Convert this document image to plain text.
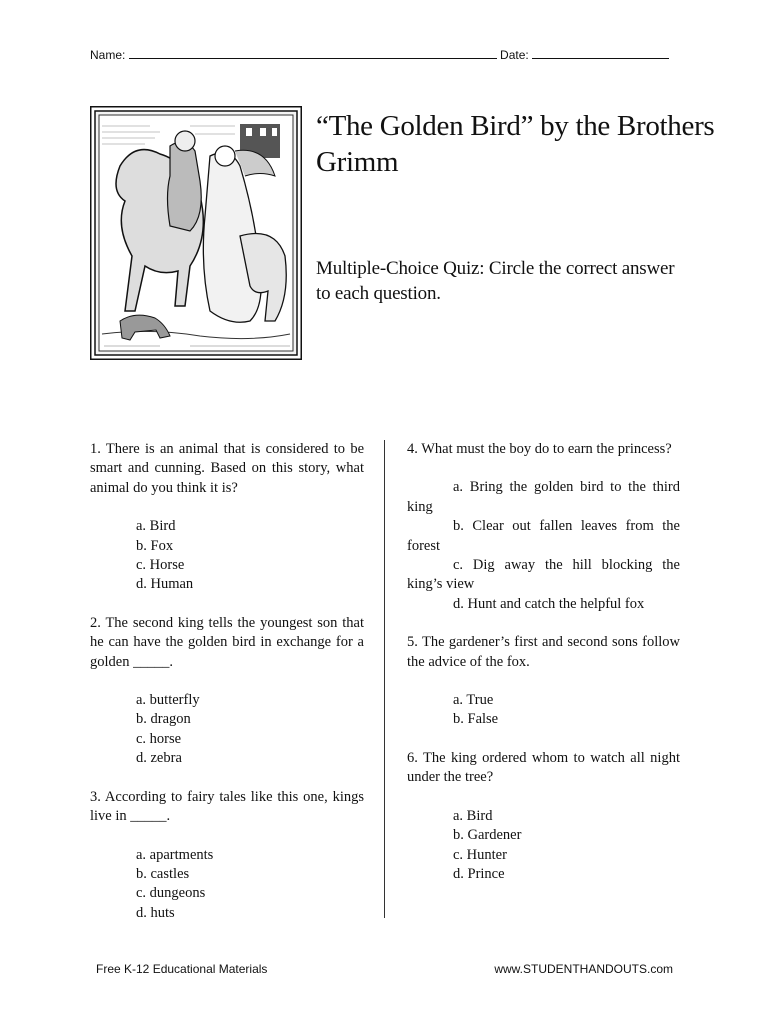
Name:	Date:
“The Golden Bird” by the Brothers Grimm
Multiple-Choice Quiz: Circle the correct answer to each question.

1. There is an animal that is considered to be smart and cunning. Based on this story, what animal do you think it is?

a. Bird

b. Fox

c. Horse

d. Human

2. The second king tells the youngest son that he can have the golden bird in exchange for a golden _____.

a. butterfly

b. dragon

c. horse

d. zebra

3. According to fairy tales like this one, kings live in _____.

a. apartments

b. castles

c. dungeons

d. huts

4. What must the boy do to earn the princess?

a. Bring the golden bird to the third king

b. Clear out fallen leaves from the forest

c. Dig away the hill blocking the king’s view

d. Hunt and catch the helpful fox

5. The gardener’s first and second sons follow the advice of the fox.

a. True

b. False

6. The king ordered whom to watch all night under the tree?

a. Bird

b. Gardener

c. Hunter

d. Prince

Free K-12 Educational Materials	www.STUDENTHANDOUTS.com
